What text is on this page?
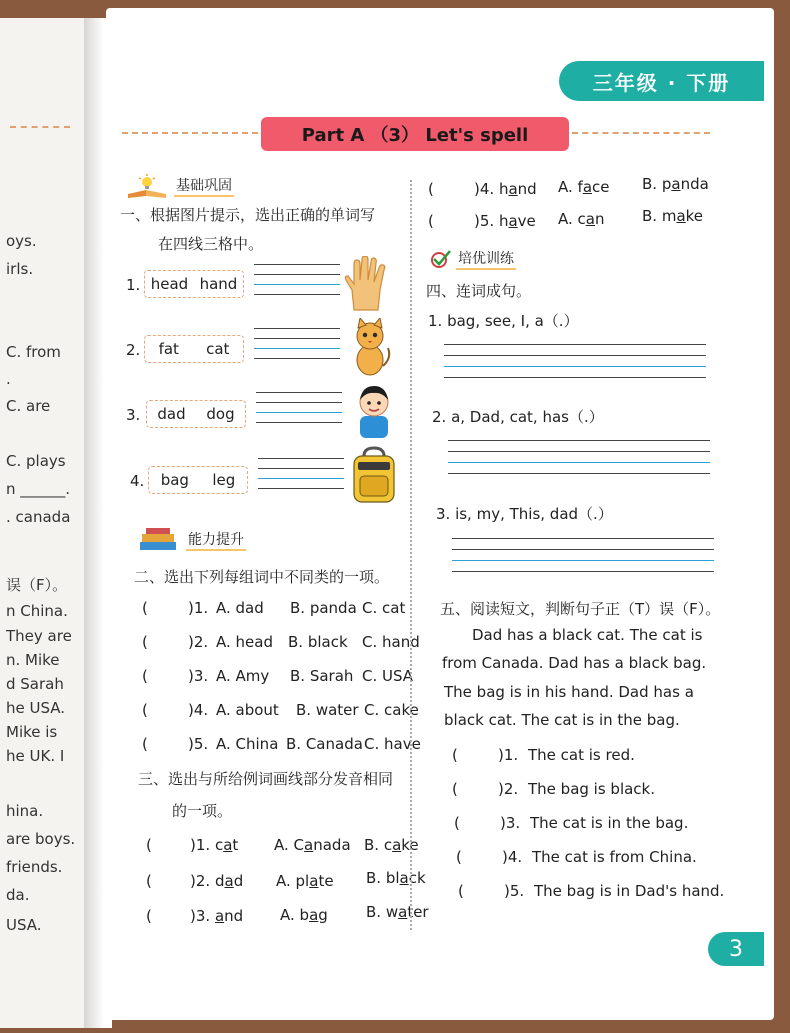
oys.
irls.
C. from
.
C. are
C. plays
n ______.
. canada
误（F）。
n China.
They are
n. Mike
d Sarah
he USA.
Mike is
he UK. I
hina.
are boys.
friends.
da.
USA.
三年级 · 下册
Part A （3） Let's spell
基础巩固
一、根据图片提示，选出正确的单词写
在四线三格中。
1. head hand
2. fat cat
3. dad dog
4. bag leg
能力提升
二、选出下列每组词中不同类的一项。
(	)1. A. dad B. panda C. cat
(	)2. A. head B. black C. hand
(	)3. A. Amy B. Sarah C. USA
(	)4. A. about B. water C. cake
(	)5. A. China B. Canada C. have
三、选出与所给例词画线部分发音相同
的一项。
(	)1. cat A. Canada B. cake
(	)2. dad A. plate B. black
(	)3. and A. bag	B. water
(	)4. hand A. face B. panda
(	)5. have A. can	B. make
培优训练
四、连词成句。
1. bag, see, I, a（.）
2. a, Dad, cat, has（.）
3. is, my, This, dad（.）
五、阅读短文，判断句子正（T）误（F）。
Dad has a black cat. The cat is
from Canada. Dad has a black bag.
The bag is in his hand. Dad has a
black cat. The cat is in the bag.
(	)1. The cat is red.
(	)2. The bag is black.
(	)3. The cat is in the bag.
(	)4. The cat is from China.
(	)5. The bag is in Dad's hand.
3
